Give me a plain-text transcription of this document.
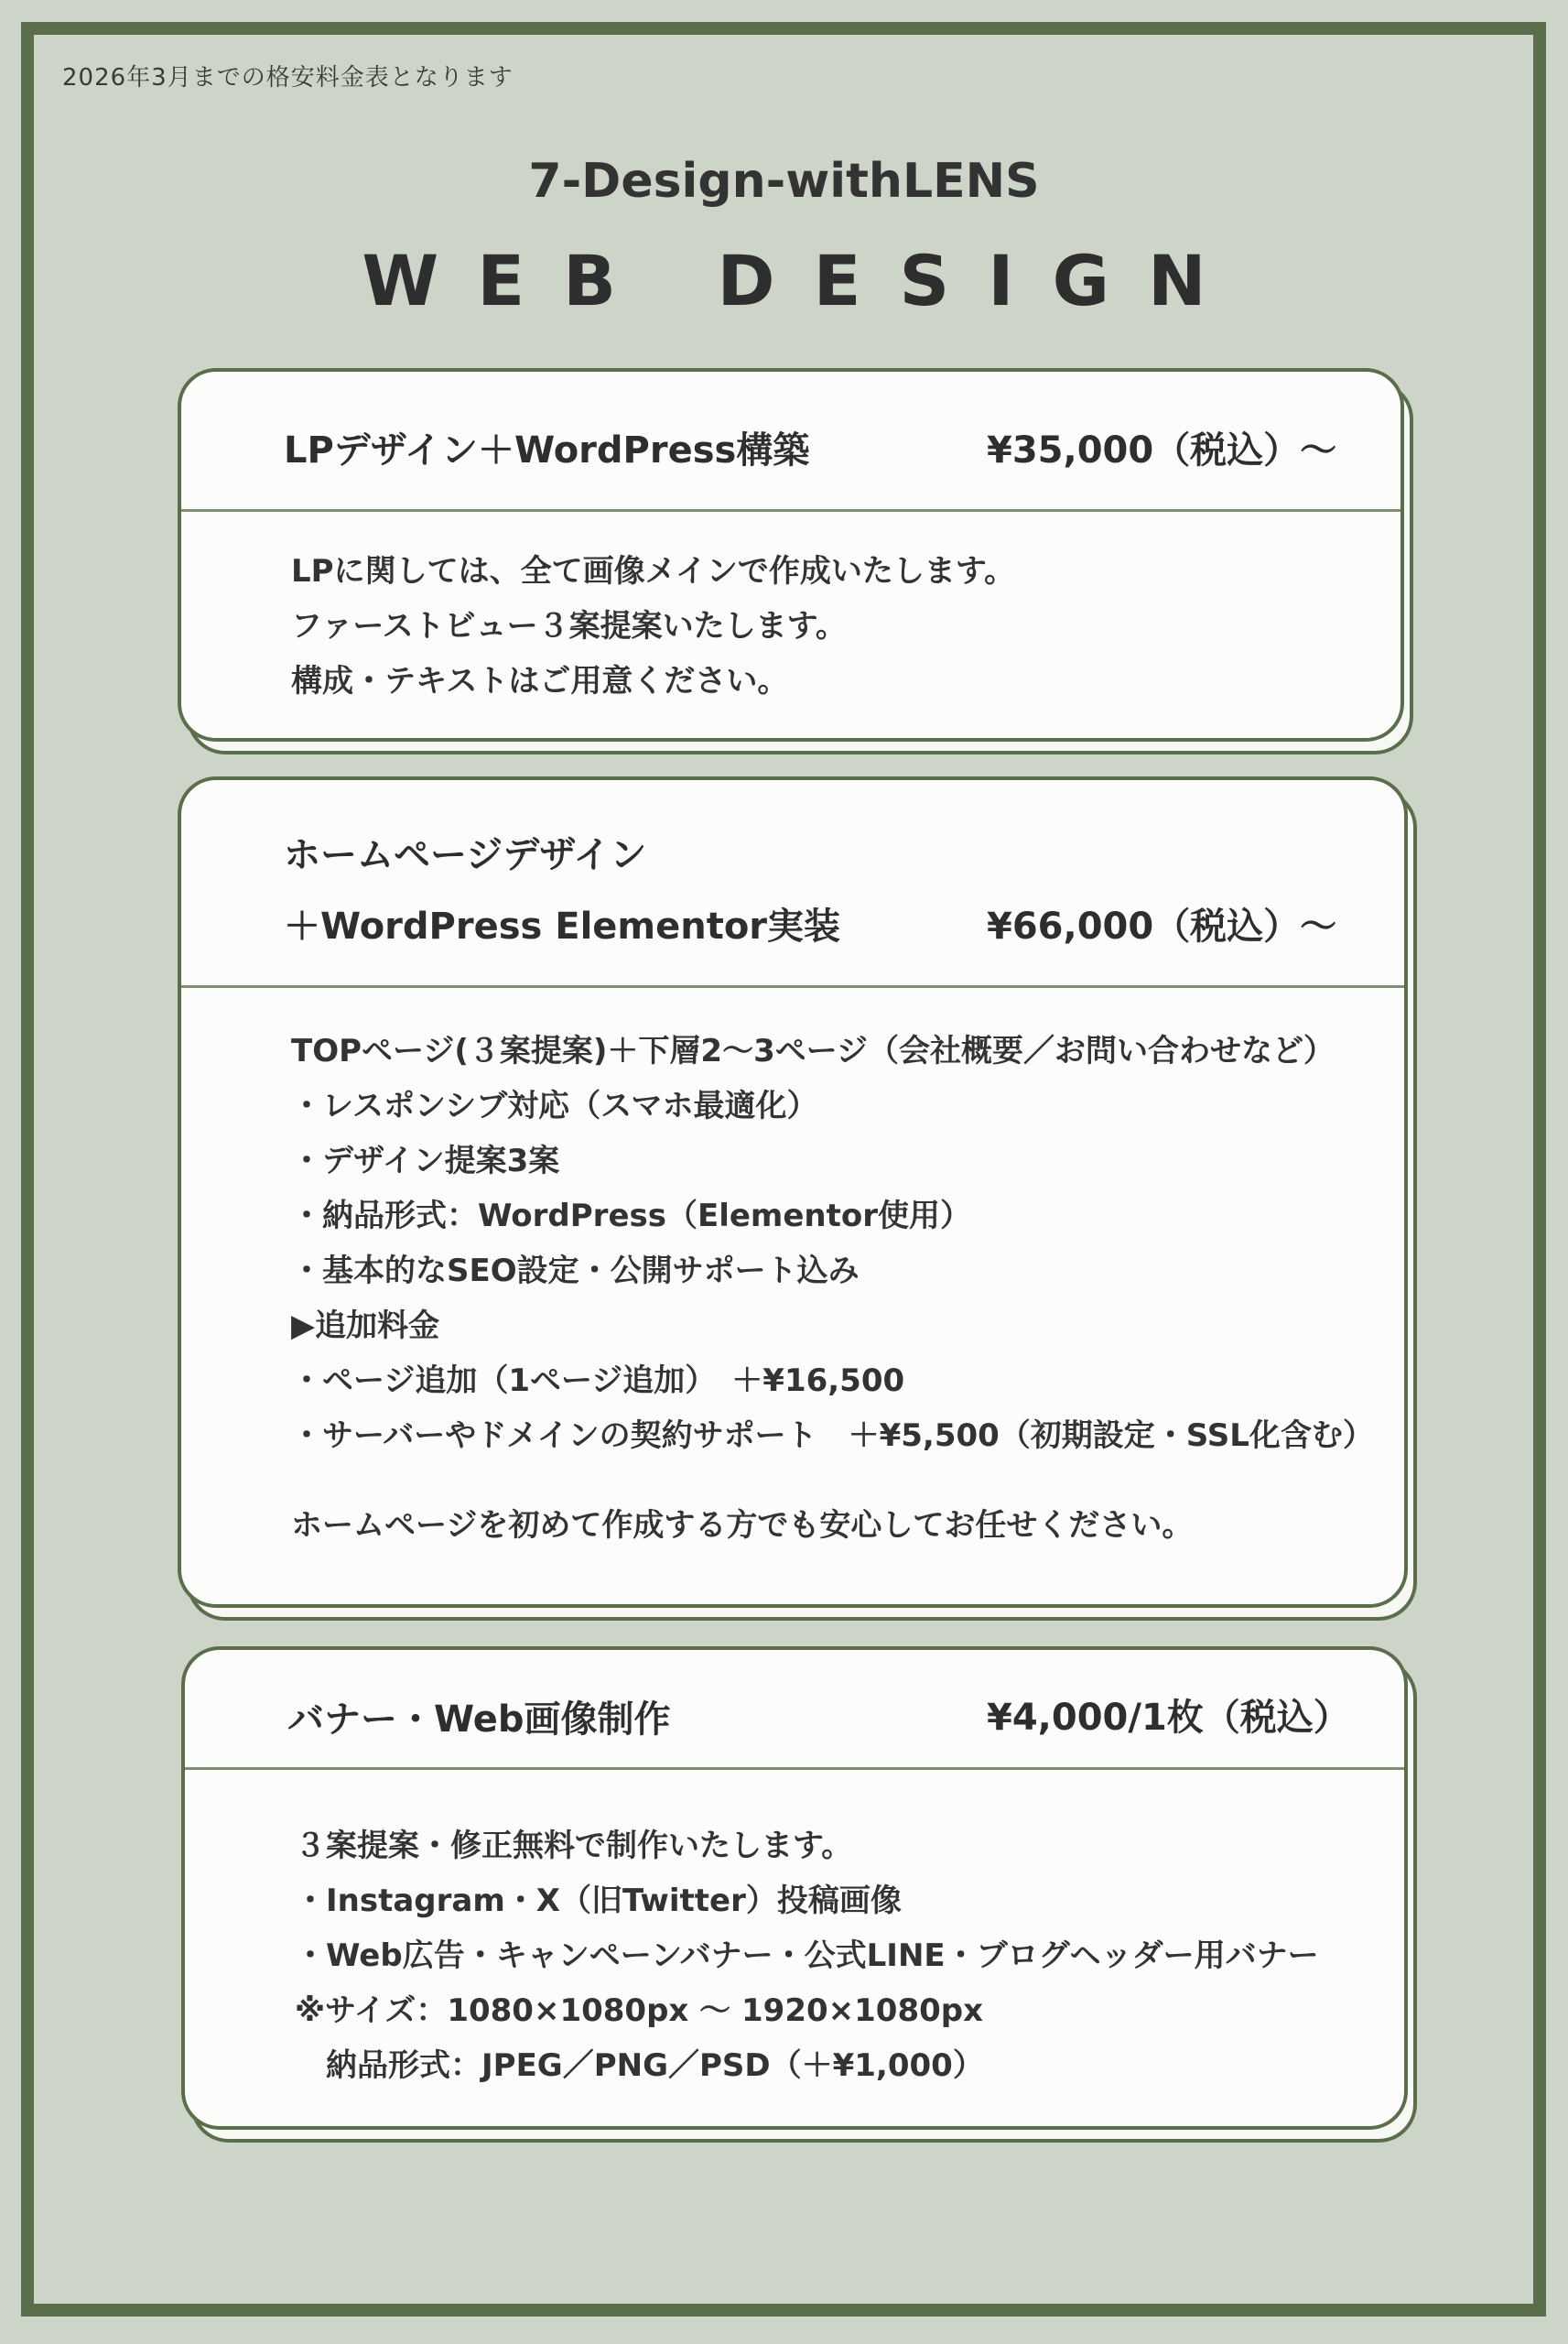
2026年3月までの格安料金表となります
7-Design-withLENS
WEB DESIGN
LPデザイン＋WordPress構築	¥35,000（税込）〜
LPに関しては、全て画像メインで作成いたします。
ファーストビュー３案提案いたします。
構成・テキストはご用意ください。
ホームページデザイン
＋WordPress Elementor実装	¥66,000（税込）〜
TOPページ(３案提案)＋下層2〜3ページ（会社概要／お問い合わせなど）
・レスポンシブ対応（スマホ最適化）
・デザイン提案3案
・納品形式：WordPress（Elementor使用）
・基本的なSEO設定・公開サポート込み
▶追加料金
・ページ追加（1ページ追加）　＋¥16,500
・サーバーやドメインの契約サポート　＋¥5,500（初期設定・SSL化含む）
ホームページを初めて作成する方でも安心してお任せください。
バナー・Web画像制作	¥4,000/1枚（税込）
３案提案・修正無料で制作いたします。
・Instagram・X（旧Twitter）投稿画像
・Web広告・キャンペーンバナー・公式LINE・ブログヘッダー用バナー
※サイズ：1080×1080px 〜 1920×1080px
　納品形式：JPEG／PNG／PSD（＋¥1,000）
